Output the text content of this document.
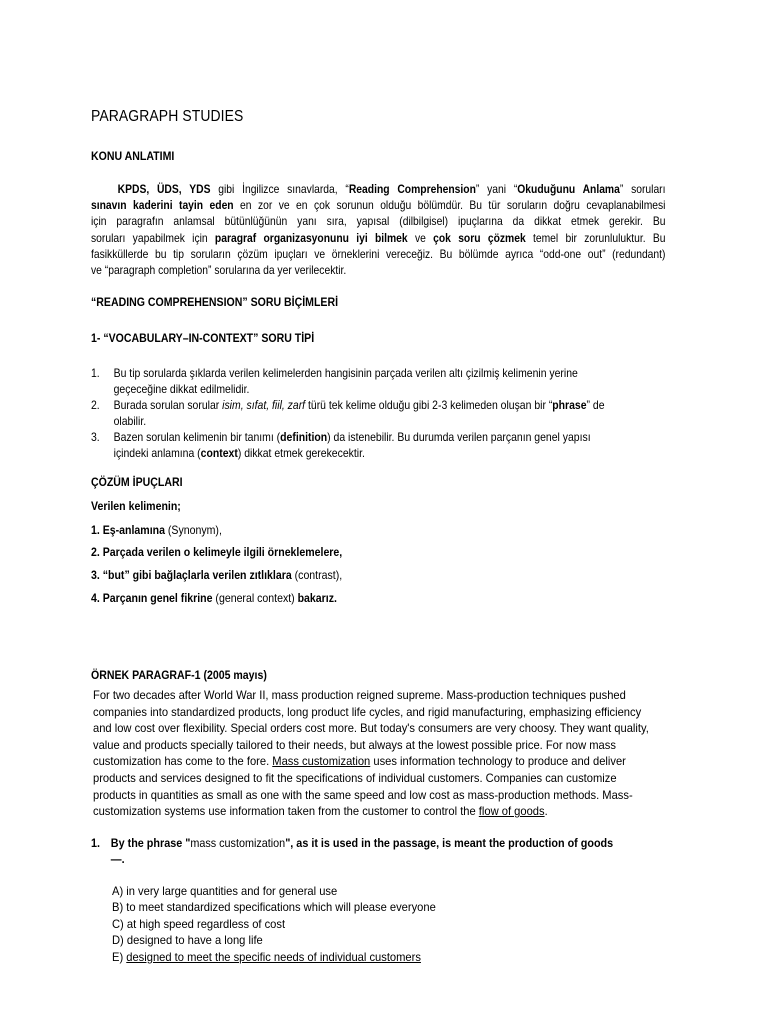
PARAGRAPH STUDIES
KONU ANLATIMI
KPDS, ÜDS, YDS gibi İngilizce sınavlarda, “Reading Comprehension” yani “Okuduğunu Anlama” soruları
sınavın kaderini tayin eden en zor ve en çok sorunun olduğu bölümdür. Bu tür soruların doğru cevaplanabilmesi
için paragrafın anlamsal bütünlüğünün yanı sıra, yapısal (dilbilgisel) ipuçlarına da dikkat etmek gerekir. Bu
soruları yapabilmek için paragraf organizasyonunu iyi bilmek ve çok soru çözmek temel bir zorunluluktur. Bu
fasikküllerde bu tip soruların çözüm ipuçları ve örneklerini vereceğiz. Bu bölümde ayrıca “odd-one out” (redundant)
ve “paragraph completion” sorularına da yer verilecektir.
“READING COMPREHENSION” SORU BİÇİMLERİ
1- “VOCABULARY–IN-CONTEXT” SORU TİPİ
1. Bu tip sorularda şıklarda verilen kelimelerden hangisinin parçada verilen altı çizilmiş kelimenin yerine
geçeceğine dikkat edilmelidir.
2. Burada sorulan sorular isim, sıfat, fiil, zarf türü tek kelime olduğu gibi 2-3 kelimeden oluşan bir “phrase” de
olabilir.
3. Bazen sorulan kelimenin bir tanımı (definition) da istenebilir. Bu durumda verilen parçanın genel yapısı
içindeki anlamına (context) dikkat etmek gerekecektir.
ÇÖZÜM İPUÇLARI
Verilen kelimenin;
1. Eş-anlamına (Synonym),
2. Parçada verilen o kelimeyle ilgili örneklemelere,
3. “but” gibi bağlaçlarla verilen zıtlıklara (contrast),
4. Parçanın genel fikrine (general context) bakarız.
ÖRNEK PARAGRAF-1 (2005 mayıs)
For two decades after World War II, mass production reigned supreme. Mass-production techniques pushed
companies into standardized products, long product life cycles, and rigid manufacturing, emphasizing efficiency
and low cost over flexibility. Special orders cost more. But today's consumers are very choosy. They want quality,
value and products specially tailored to their needs, but always at the lowest possible price. For now mass
customization has come to the fore. Mass customization uses information technology to produce and deliver
products and services designed to fit the specifications of individual customers. Companies can customize
products in quantities as small as one with the same speed and low cost as mass-production methods. Mass-
customization systems use information taken from the customer to control the flow of goods.
1. By the phrase "mass customization", as it is used in the passage, is meant the production of goods
—.
A) in very large quantities and for general use
B) to meet standardized specifications which will please everyone
C) at high speed regardless of cost
D) designed to have a long life
E) designed to meet the specific needs of individual customers
